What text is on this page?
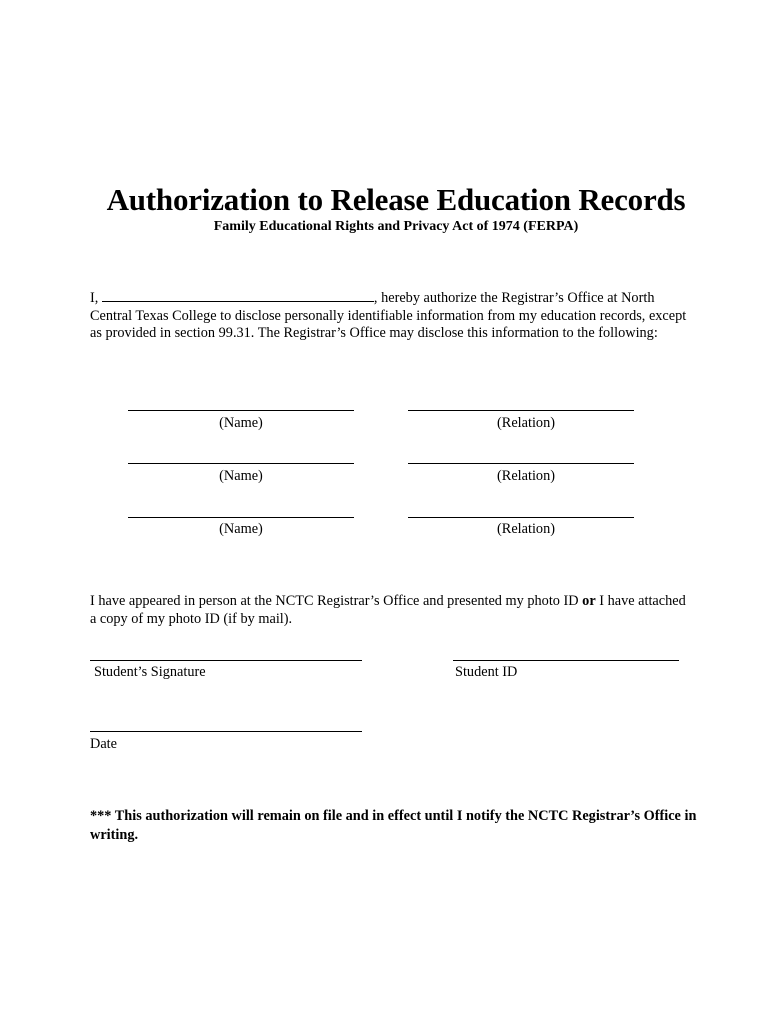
Authorization to Release Education Records

Family Educational Rights and Privacy Act of 1974 (FERPA)

I,	, hereby authorize the Registrar’s Office at North Central Texas College to disclose personally identifiable information from my education records, except as provided in section 99.31. The Registrar’s Office may disclose this information to the following:

(Name)	(Relation)

(Name)	(Relation)

(Name)	(Relation)

I have appeared in person at the NCTC Registrar’s Office and presented my photo ID or I have attached a copy of my photo ID (if by mail).

Student’s Signature	Student ID

Date

*** This authorization will remain on file and in effect until I notify the NCTC Registrar’s Office in writing.
